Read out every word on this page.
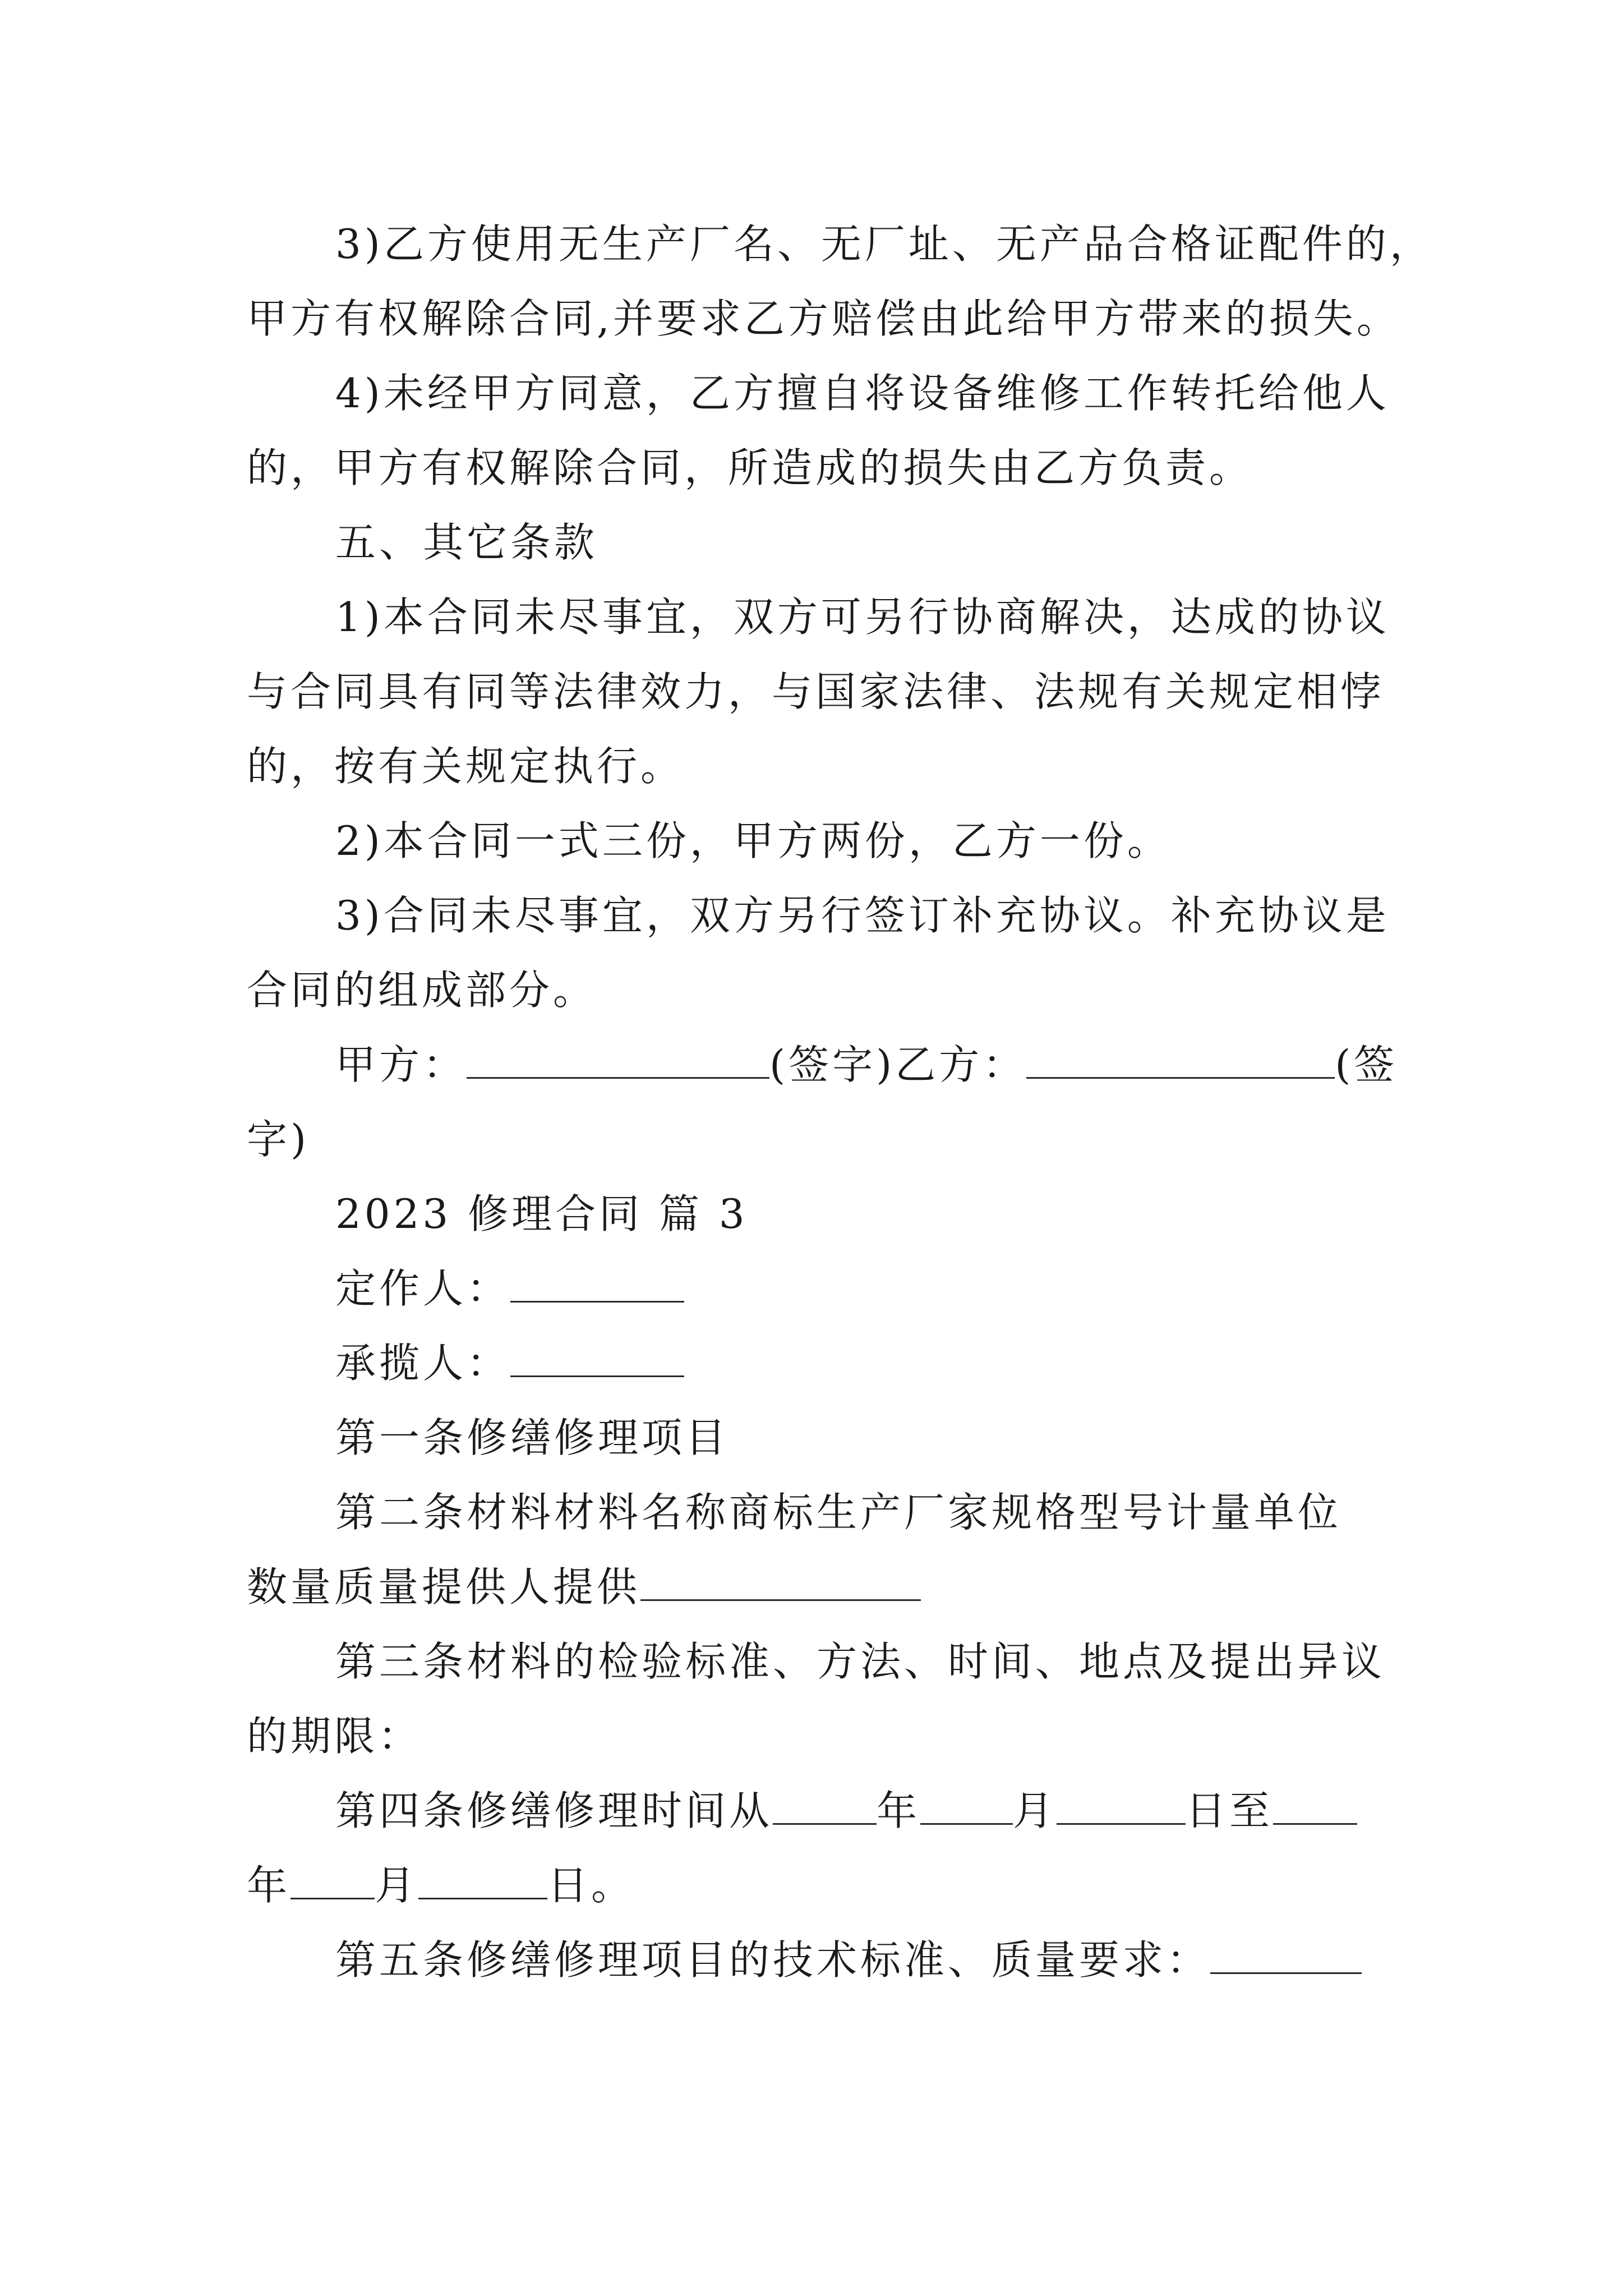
3)乙方使用无生产厂名、无厂址、无产品合格证配件的，
甲方有权解除合同,并要求乙方赔偿由此给甲方带来的损失。
4)未经甲方同意，乙方擅自将设备维修工作转托给他人
的，甲方有权解除合同，所造成的损失由乙方负责。
五、其它条款
1)本合同未尽事宜，双方可另行协商解决，达成的协议
与合同具有同等法律效力，与国家法律、法规有关规定相悖
的，按有关规定执行。
2)本合同一式三份，甲方两份，乙方一份。
3)合同未尽事宜，双方另行签订补充协议。补充协议是
合同的组成部分。
甲方：	(签字)乙方：	(签
字)
2023 修理合同 篇 3
定作人：
承揽人：
第一条修缮修理项目
第二条材料材料名称商标生产厂家规格型号计量单位
数量质量提供人提供
第三条材料的检验标准、方法、时间、地点及提出异议
的期限：
第四条修缮修理时间从	年 月	日至
年 月	日。
第五条修缮修理项目的技术标准、质量要求：
